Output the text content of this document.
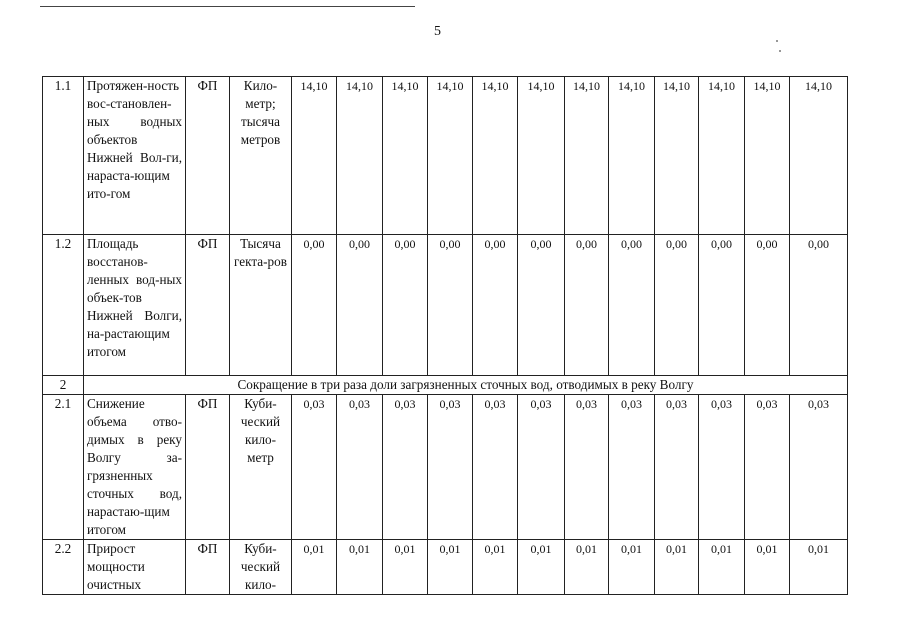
5
1.1	Протяжен-ность вос-становлен-ных водных объектов Нижней Вол-ги, нараста-ющим ито-гом	ФП	Кило-метр; тысяча метров	14,10	14,10	14,10	14,10	14,10	14,10	14,10	14,10	14,10	14,10	14,10	14,10
1.2	Площадь восстанов-ленных вод-ных объек-тов Нижней Волги, на-растающим итогом	ФП	Тысяча гекта-ров	0,00	0,00	0,00	0,00	0,00	0,00	0,00	0,00	0,00	0,00	0,00	0,00
2	Сокращение в три раза доли загрязненных сточных вод, отводимых в реку Волгу														
2.1	Снижение объема отво-димых в реку Волгу за-грязненных сточных вод, нарастаю-щим итогом	ФП	Куби-ческий кило-метр	0,03	0,03	0,03	0,03	0,03	0,03	0,03	0,03	0,03	0,03	0,03	0,03
2.2	Прирост мощности очистных	ФП	Куби-ческий кило-	0,01	0,01	0,01	0,01	0,01	0,01	0,01	0,01	0,01	0,01	0,01	0,01
